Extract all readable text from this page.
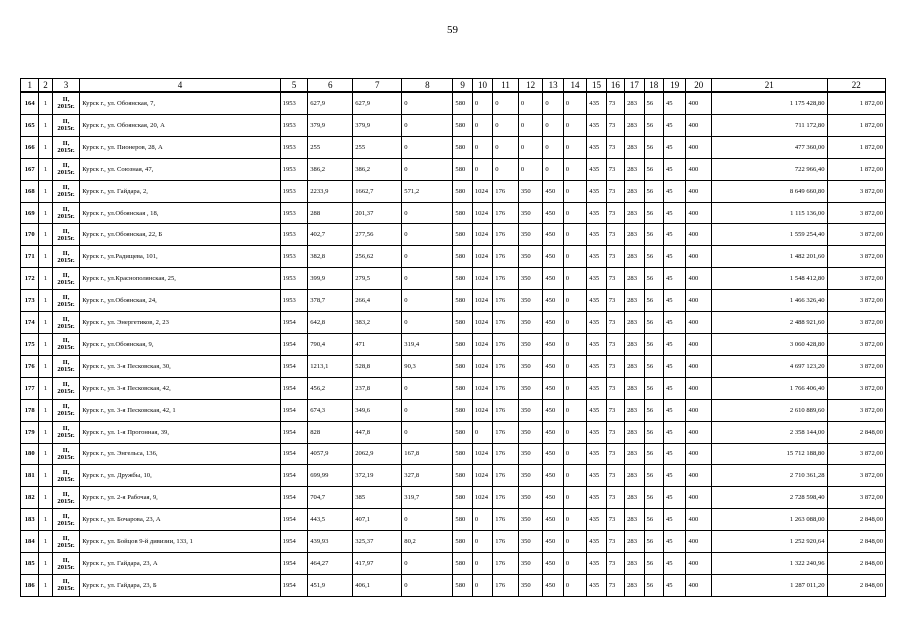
59
1	2	3	4	5	6	7	8	9	10	11	12	13	14	15	16	17	18	19	20	21	22
164	1	II,
2015г.	Курск г., ул. Обоянская, 7,	1953	627,9	627,9	0	580	0	0	0	0	0	435	73	283	56	45	400	1 175 428,80	1 872,00
165	1	II,
2015г.	Курск г., ул. Обоянская, 20, А	1953	379,9	379,9	0	580	0	0	0	0	0	435	73	283	56	45	400	711 172,80	1 872,00
166	1	II,
2015г.	Курск г., ул. Пионеров, 28, А	1953	255	255	0	580	0	0	0	0	0	435	73	283	56	45	400	477 360,00	1 872,00
167	1	II,
2015г.	Курск г., ул. Союзная, 47,	1953	386,2	386,2	0	580	0	0	0	0	0	435	73	283	56	45	400	722 966,40	1 872,00
168	1	II,
2015г.	Курск г., ул. Гайдара, 2,	1953	2233,9	1662,7	571,2	580	1024	176	350	450	0	435	73	283	56	45	400	8 649 660,80	3 872,00
169	1	II,
2015г.	Курск г., ул.Обоянская , 18,	1953	288	201,37	0	580	1024	176	350	450	0	435	73	283	56	45	400	1 115 136,00	3 872,00
170	1	II,
2015г.	Курск г., ул.Обоянская, 22, Б	1953	402,7	277,56	0	580	1024	176	350	450	0	435	73	283	56	45	400	1 559 254,40	3 872,00
171	1	II,
2015г.	Курск г., ул.Радищева, 101,	1953	382,8	256,62	0	580	1024	176	350	450	0	435	73	283	56	45	400	1 482 201,60	3 872,00
172	1	II,
2015г.	Курск г., ул.Краснополянская, 25,	1953	399,9	279,5	0	580	1024	176	350	450	0	435	73	283	56	45	400	1 548 412,80	3 872,00
173	1	II,
2015г.	Курск г., ул.Обоянская, 24,	1953	378,7	266,4	0	580	1024	176	350	450	0	435	73	283	56	45	400	1 466 326,40	3 872,00
174	1	II,
2015г.	Курск г., ул. Энергетиков, 2, 23	1954	642,8	383,2	0	580	1024	176	350	450	0	435	73	283	56	45	400	2 488 921,60	3 872,00
175	1	II,
2015г.	Курск г., ул.Обоянская, 9,	1954	790,4	471	319,4	580	1024	176	350	450	0	435	73	283	56	45	400	3 060 428,80	3 872,00
176	1	II,
2015г.	Курск г., ул. 3-я Песковская, 30,	1954	1213,1	528,8	90,3	580	1024	176	350	450	0	435	73	283	56	45	400	4 697 123,20	3 872,00
177	1	II,
2015г.	Курск г., ул. 3-я Песковская, 42,	1954	456,2	237,8	0	580	1024	176	350	450	0	435	73	283	56	45	400	1 766 406,40	3 872,00
178	1	II,
2015г.	Курск г., ул. 3-я Песковская, 42, 1	1954	674,3	349,6	0	580	1024	176	350	450	0	435	73	283	56	45	400	2 610 889,60	3 872,00
179	1	II,
2015г.	Курск г., ул. 1-я Пpoгонная, 39,	1954	828	447,8	0	580	0	176	350	450	0	435	73	283	56	45	400	2 358 144,00	2 848,00
180	1	II,
2015г.	Курск г., ул. Энгельса, 136,	1954	4057,9	2062,9	167,8	580	1024	176	350	450	0	435	73	283	56	45	400	15 712 188,80	3 872,00
181	1	II,
2015г.	Курск г., ул. Дружбы, 10,	1954	699,99	372,19	327,8	580	1024	176	350	450	0	435	73	283	56	45	400	2 710 361,28	3 872,00
182	1	II,
2015г.	Курск г., ул. 2-я Рабочая, 9,	1954	704,7	385	319,7	580	1024	176	350	450	0	435	73	283	56	45	400	2 728 598,40	3 872,00
183	1	II,
2015г.	Курск г., ул. Бочарова, 23, А	1954	443,5	407,1	0	580	0	176	350	450	0	435	73	283	56	45	400	1 263 088,00	2 848,00
184	1	II,
2015г.	Курск г., ул. Бойцов 9-й дивизии, 133, 1	1954	439,93	325,37	80,2	580	0	176	350	450	0	435	73	283	56	45	400	1 252 920,64	2 848,00
185	1	II,
2015г.	Курск г., ул. Гайдара, 23, А	1954	464,27	417,97	0	580	0	176	350	450	0	435	73	283	56	45	400	1 322 240,96	2 848,00
186	1	II,
2015г.	Курск г., ул. Гайдара, 23, Б	1954	451,9	406,1	0	580	0	176	350	450	0	435	73	283	56	45	400	1 287 011,20	2 848,00
